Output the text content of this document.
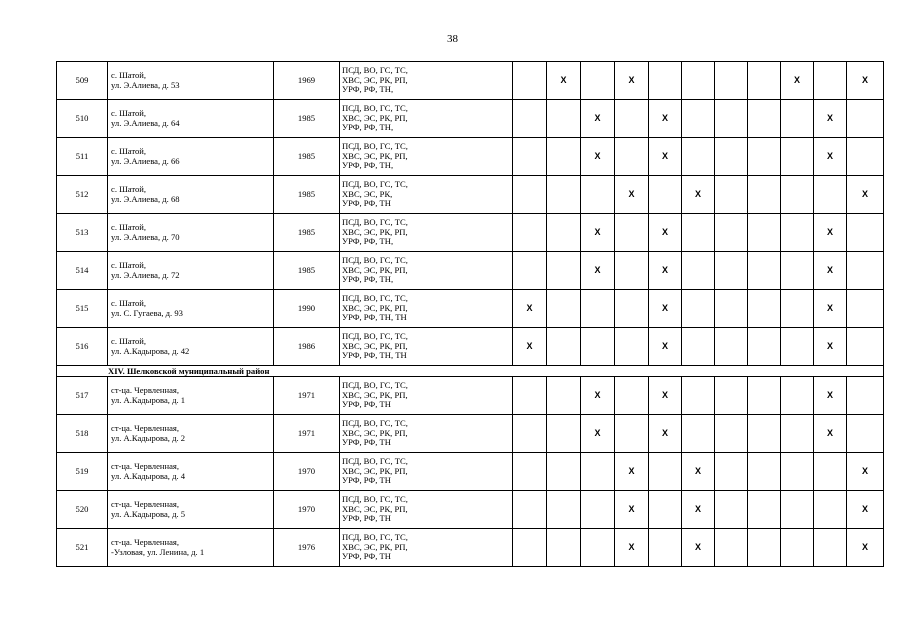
38
509	с. Шатой,
ул. Э.Алиева, д. 53	1969	ПСД, ВО, ГС, ТС,
ХВС, ЭС, РК, РП,
УРФ, РФ, ТН,		X		X					X		X
510	с. Шатой,
ул. Э.Алиева, д. 64	1985	ПСД, ВО, ГС, ТС,
ХВС, ЭС, РК, РП,
УРФ, РФ, ТН,			X		X					X	
511	с. Шатой,
ул. Э.Алиева, д. 66	1985	ПСД, ВО, ГС, ТС,
ХВС, ЭС, РК, РП,
УРФ, РФ, ТН,			X		X					X	
512	с. Шатой,
ул. Э.Алиева, д. 68	1985	ПСД, ВО, ГС, ТС,
ХВС, ЭС, РК,
УРФ, РФ, ТН				X		X					X
513	с. Шатой,
ул. Э.Алиева, д. 70	1985	ПСД, ВО, ГС, ТС,
ХВС, ЭС, РК, РП,
УРФ, РФ, ТН,			X		X					X	
514	с. Шатой,
ул. Э.Алиева, д. 72	1985	ПСД, ВО, ГС, ТС,
ХВС, ЭС, РК, РП,
УРФ, РФ, ТН,			X		X					X	
515	с. Шатой,
ул. С. Гугаева, д. 93	1990	ПСД, ВО, ГС, ТС,
ХВС, ЭС, РК, РП,
УРФ, РФ, ТН, ТН	X				X					X	
516	с. Шатой,
ул. А.Кадырова, д. 42	1986	ПСД, ВО, ГС, ТС,
ХВС, ЭС, РК, РП,
УРФ, РФ, ТН, ТН	X				X					X	
XIV. Шелковской муниципальный район														
517	ст-ца. Червленная,
ул. А.Кадырова, д. 1	1971	ПСД, ВО, ГС, ТС,
ХВС, ЭС, РК, РП,
УРФ, РФ, ТН			X		X					X	
518	ст-ца. Червленная,
ул. А.Кадырова, д. 2	1971	ПСД, ВО, ГС, ТС,
ХВС, ЭС, РК, РП,
УРФ, РФ, ТН			X		X					X	
519	ст-ца. Червленная,
ул. А.Кадырова, д. 4	1970	ПСД, ВО, ГС, ТС,
ХВС, ЭС, РК, РП,
УРФ, РФ, ТН				X		X					X
520	ст-ца. Червленная,
ул. А.Кадырова, д. 5	1970	ПСД, ВО, ГС, ТС,
ХВС, ЭС, РК, РП,
УРФ, РФ, ТН				X		X					X
521	ст-ца. Червленная,
-Узловая, ул. Ленина, д. 1	1976	ПСД, ВО, ГС, ТС,
ХВС, ЭС, РК, РП,
УРФ, РФ, ТН				X		X					X
